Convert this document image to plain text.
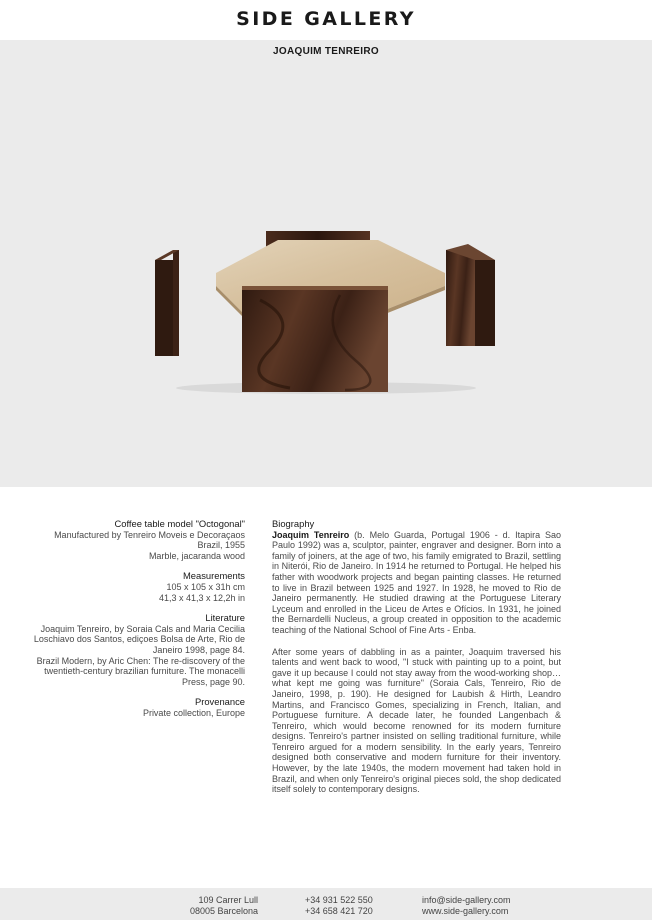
SIDE GALLERY
JOAQUIM TENREIRO
Coffee table model "Octogonal"
Manufactured by Tenreiro Moveis e Decoraçaos
Brazil, 1955
Marble, jacaranda wood
Measurements
105 x 105 x 31h cm
41,3 x 41,3 x 12,2h in
Literature
Joaquim Tenreiro, by Soraia Cals and Maria Cecilia Loschiavo dos Santos, ediçoes Bolsa de Arte, Rio de Janeiro 1998, page 84.
Brazil Modern, by Aric Chen: The re-discovery of the twentieth-century brazilian furniture. The monacelli Press, page 90.
Provenance
Private collection, Europe
Biography

Joaquim Tenreiro (b. Melo Guarda, Portugal 1906 - d. Itapira Sao Paulo 1992) was a, sculptor, painter, engraver and designer. Born into a family of joiners, at the age of two, his family emigrated to Brazil, settling in Niterói, Rio de Janeiro. In 1914 he returned to Portugal. He helped his father with woodwork projects and began painting classes. He returned to live in Brazil between 1925 and 1927. In 1928, he moved to Rio de Janeiro permanently. He studied drawing at the Portuguese Literary Lyceum and enrolled in the Liceu de Artes e Ofícios. In 1931, he joined the Bernardelli Nucleus, a group created in opposition to the academic teaching of the National School of Fine Arts - Enba.

After some years of dabbling in as a painter, Joaquim traversed his talents and went back to wood, "I stuck with painting up to a point, but gave it up because I could not stay away from the wood-working shop…what kept me going was furniture" (Soraia Cals, Tenreiro, Rio de Janeiro, 1998, p. 190). He designed for Laubish & Hirth, Leandro Martins, and Francisco Gomes, specializing in French, Italian, and Portuguese furniture. A decade later, he founded Langenbach & Tenreiro, which would become renowned for its modern furniture designs. Tenreiro's partner insisted on selling traditional furniture, while Tenreiro argued for a modern sensibility. In the early years, Tenreiro designed both conservative and modern furniture for their inventory. However, by the late 1940s, the modern movement had taken hold in Brazil, and when only Tenreiro's original pieces sold, the shop dedicated itself solely to contemporary designs.

109 Carrer Lull
08005 Barcelona
+34 931 522 550
+34 658 421 720
info@side-gallery.com
www.side-gallery.com
